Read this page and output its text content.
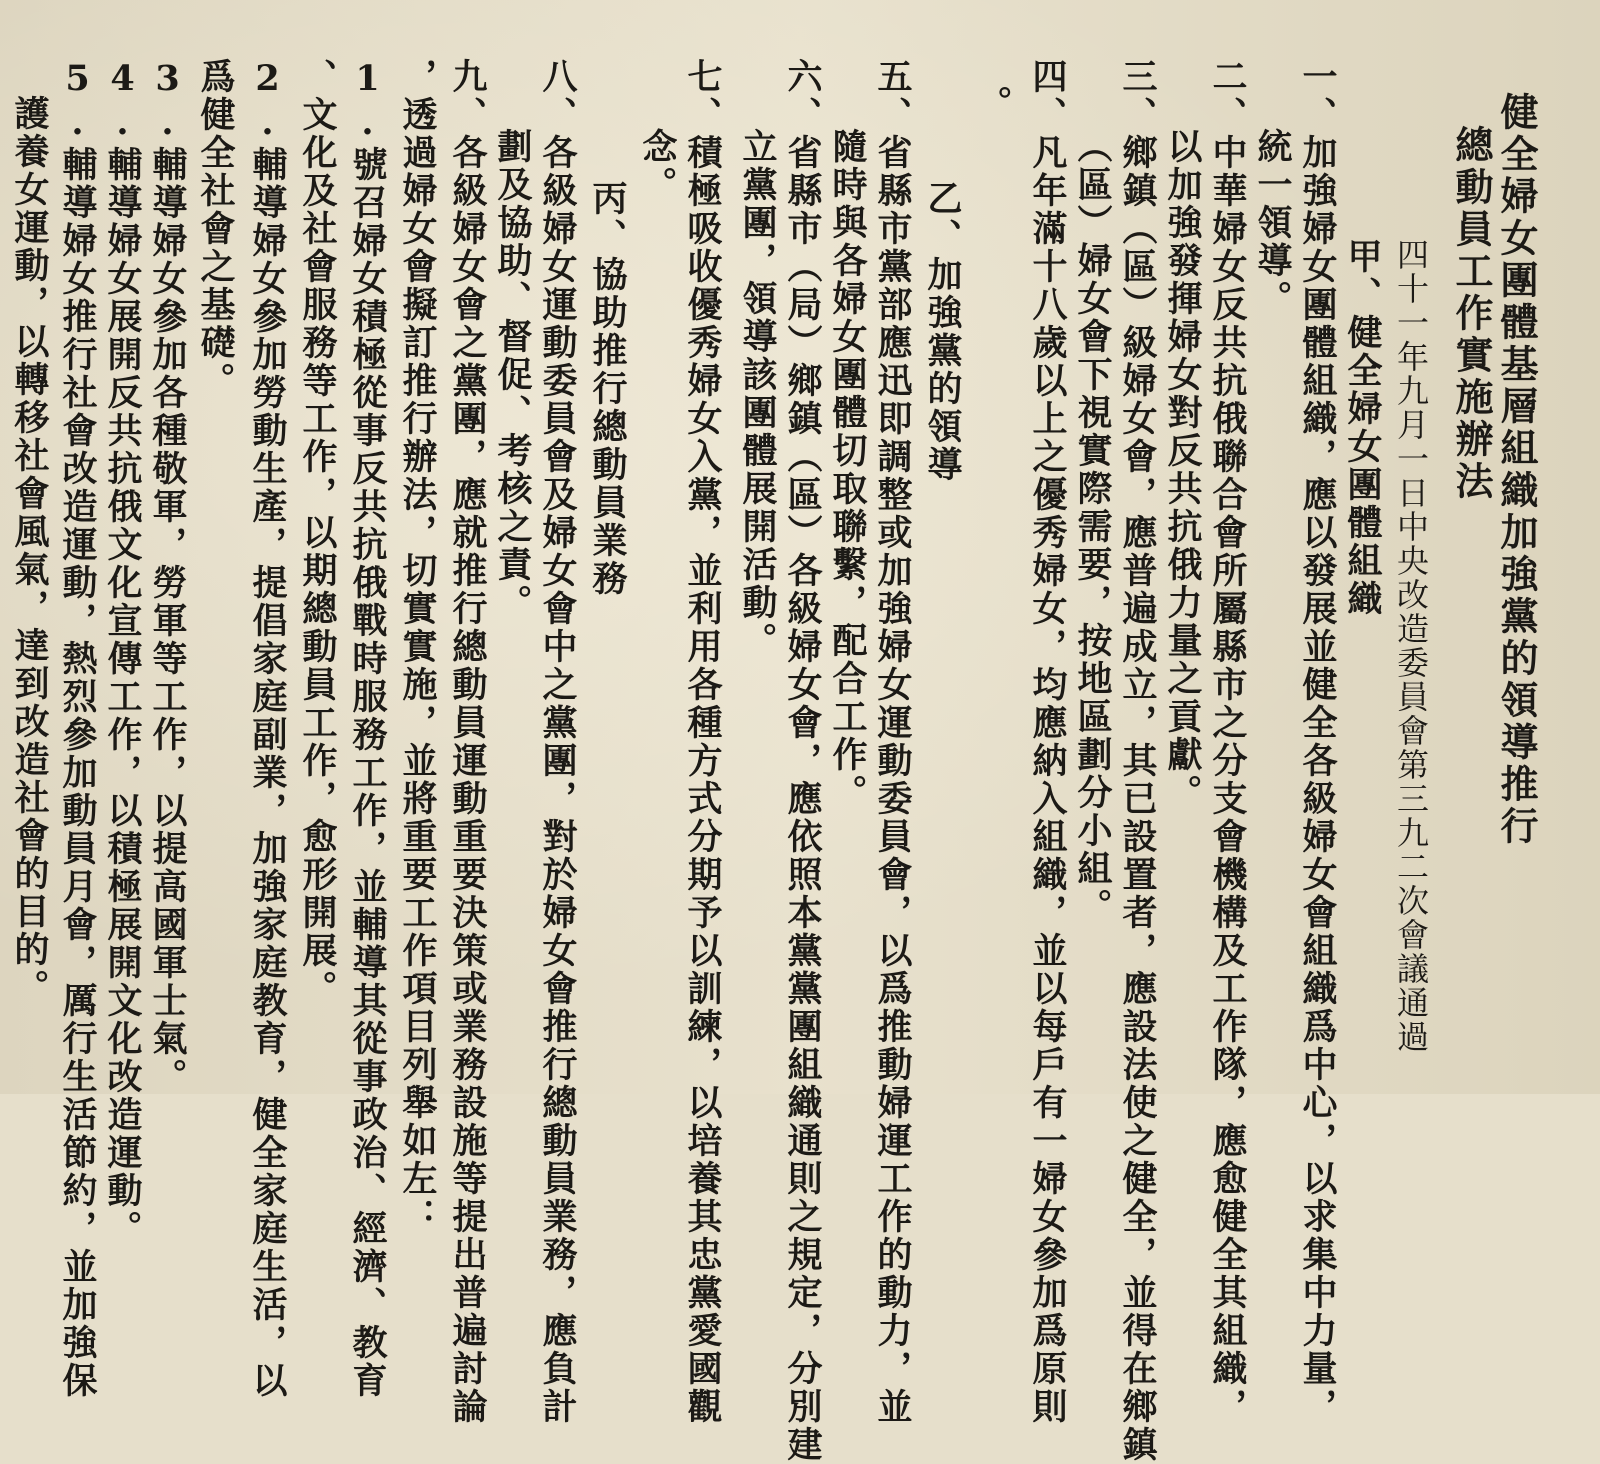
健全婦女團體基層組織加強黨的領導推行
總動員工作實施辦法
四十一年九月一日中央改造委員會第三九二次會議通過
甲、健全婦女團體組織
一、加強婦女團體組織，應以發展並健全各級婦女會組織爲中心，以求集中力量，
統一領導。
二、中華婦女反共抗俄聯合會所屬縣市之分支會機構及工作隊，應愈健全其組織，
以加強發揮婦女對反共抗俄力量之貢獻。
三、鄉鎮（區）級婦女會，應普遍成立，其已設置者，應設法使之健全，並得在鄉鎮
（區）婦女會下視實際需要，按地區劃分小組。
四、凡年滿十八歲以上之優秀婦女，均應納入組織，並以每戶有一婦女參加爲原則
。
乙、加強黨的領導
五、省縣市黨部應迅即調整或加強婦女運動委員會，以爲推動婦運工作的動力，並
隨時與各婦女團體切取聯繫，配合工作。
六、省縣市（局）鄉鎮（區）各級婦女會，應依照本黨黨團組織通則之規定，分別建
立黨團，領導該團體展開活動。
七、積極吸收優秀婦女入黨，並利用各種方式分期予以訓練，以培養其忠黨愛國觀
念。
丙、協助推行總動員業務
八、各級婦女運動委員會及婦女會中之黨團，對於婦女會推行總動員業務，應負計
劃及協助、督促、考核之責。
九、各級婦女會之黨團，應就推行總動員運動重要決策或業務設施等提出普遍討論
，透過婦女會擬訂推行辦法，切實實施，並將重要工作項目列舉如左：
1.號召婦女積極從事反共抗俄戰時服務工作，並輔導其從事政治、經濟、教育
、文化及社會服務等工作，以期總動員工作，愈形開展。
2.輔導婦女參加勞動生產，提倡家庭副業，加強家庭教育，健全家庭生活，以
爲健全社會之基礎。
3.輔導婦女參加各種敬軍，勞軍等工作，以提高國軍士氣。
4.輔導婦女展開反共抗俄文化宣傳工作，以積極展開文化改造運動。
5.輔導婦女推行社會改造運動，熱烈參加動員月會，厲行生活節約，並加強保
護養女運動，以轉移社會風氣，達到改造社會的目的。
